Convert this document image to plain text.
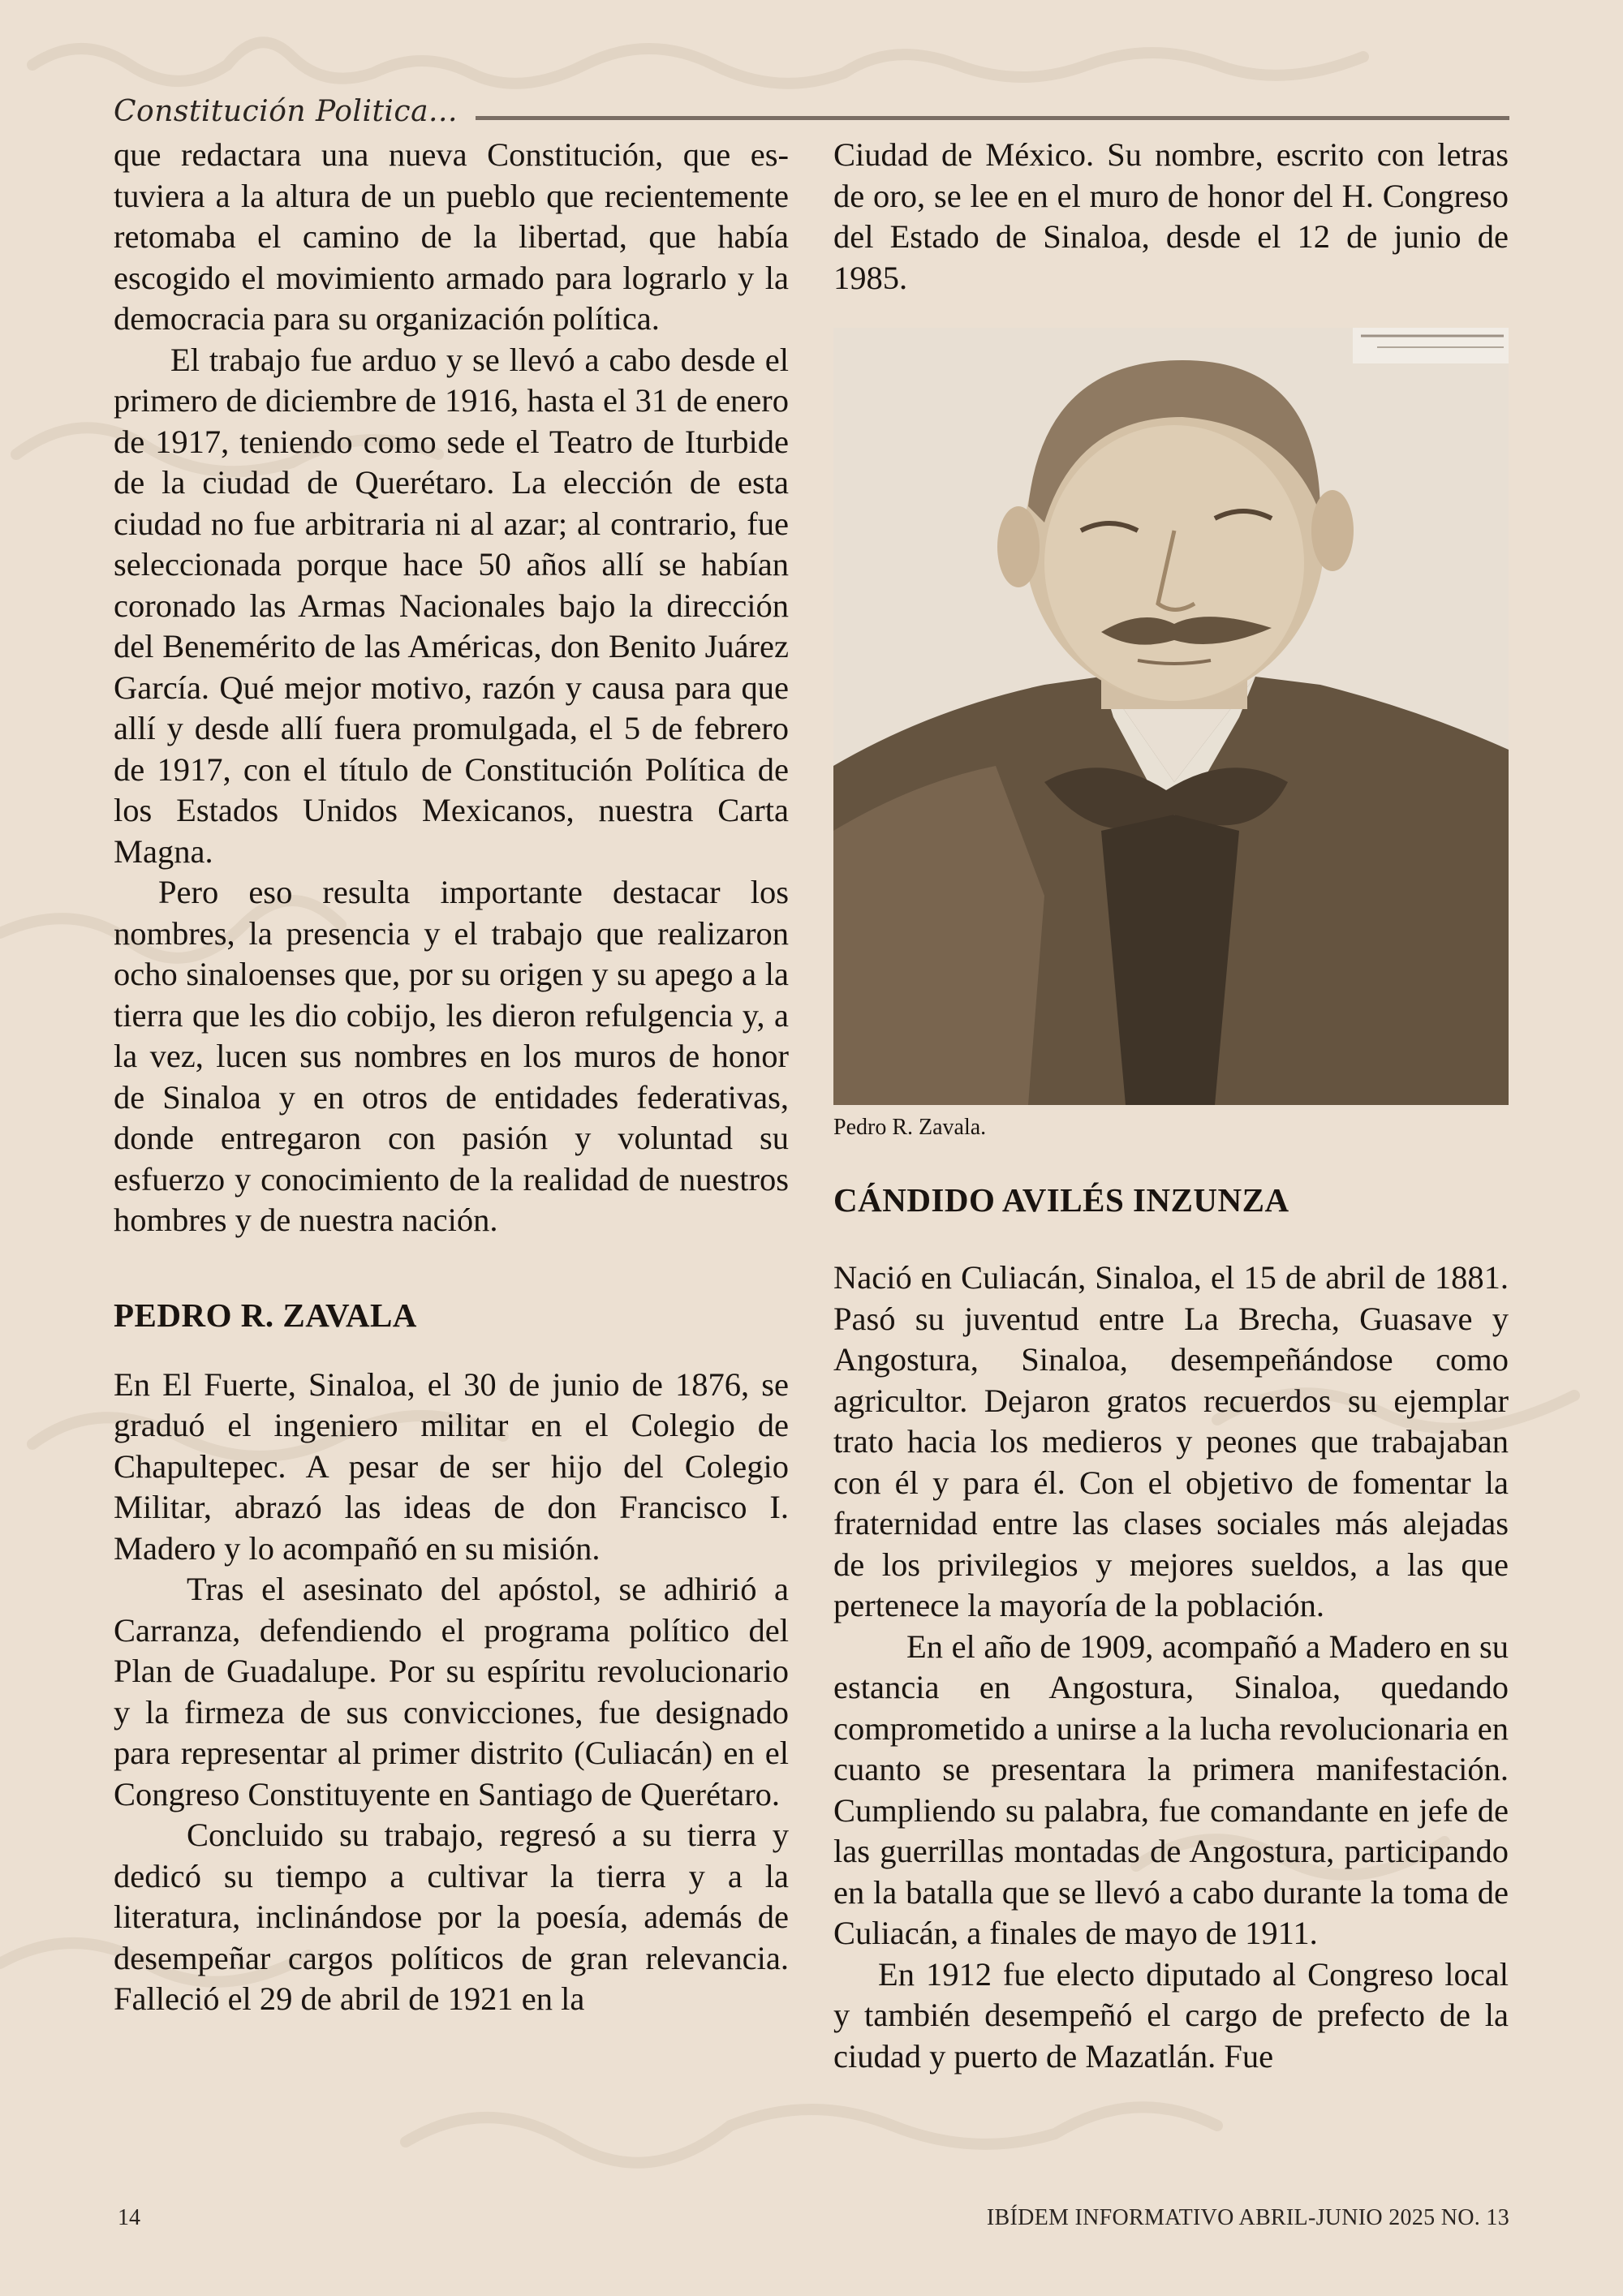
Constitución Politica...

que redactara una nueva Constitución, que estuviera a la altura de un pueblo que recientemente retomaba el camino de la libertad, que había escogido el movimiento armado para lograrlo y la democracia para su organización política.

El trabajo fue arduo y se llevó a cabo desde el primero de diciembre de 1916, hasta el 31 de enero de 1917, teniendo como sede el Teatro de Iturbide de la ciudad de Querétaro. La elección de esta ciudad no fue arbitraria ni al azar; al contrario, fue seleccionada porque hace 50 años allí se habían coronado las Armas Nacionales bajo la dirección del Benemérito de las Américas, don Benito Juárez García. Qué mejor motivo, razón y causa para que allí y desde allí fuera promulgada, el 5 de febrero de 1917, con el título de Constitución Política de los Estados Unidos Mexicanos, nuestra Carta Magna.

Pero eso resulta importante destacar los nombres, la presencia y el trabajo que realizaron ocho sinaloenses que, por su origen y su apego a la tierra que les dio cobijo, les dieron refulgencia y, a la vez, lucen sus nombres en los muros de honor de Sinaloa y en otros de entidades federativas, donde entregaron con pasión y voluntad su esfuerzo y conocimiento de la realidad de nuestros hombres y de nuestra nación.

PEDRO R. ZAVALA

En El Fuerte, Sinaloa, el 30 de junio de 1876, se graduó el ingeniero militar en el Colegio de Chapultepec. A pesar de ser hijo del Colegio Militar, abrazó las ideas de don Francisco I. Madero y lo acompañó en su misión.

Tras el asesinato del apóstol, se adhirió a Carranza, defendiendo el programa político del Plan de Guadalupe. Por su espíritu revolucionario y la firmeza de sus convicciones, fue designado para representar al primer distrito (Culiacán) en el Congreso Constituyente en Santiago de Querétaro.

Concluido su trabajo, regresó a su tierra y dedicó su tiempo a cultivar la tierra y a la literatura, inclinándose por la poesía, además de desempeñar cargos políticos de gran relevancia. Falleció el 29 de abril de 1921 en la

Ciudad de México. Su nombre, escrito con letras de oro, se lee en el muro de honor del H. Congreso del Estado de Sinaloa, desde el 12 de junio de 1985.

Pedro R. Zavala.
CÁNDIDO AVILÉS INZUNZA

Nació en Culiacán, Sinaloa, el 15 de abril de 1881. Pasó su juventud entre La Brecha, Guasave y Angostura, Sinaloa, desempeñándose como agricultor. Dejaron gratos recuerdos su ejemplar trato hacia los medieros y peones que trabajaban con él y para él. Con el objetivo de fomentar la fraternidad entre las clases sociales más alejadas de los privilegios y mejores sueldos, a las que pertenece la mayoría de la población.

En el año de 1909, acompañó a Madero en su estancia en Angostura, Sinaloa, quedando comprometido a unirse a la lucha revolucionaria en cuanto se presentara la primera manifestación. Cumpliendo su palabra, fue comandante en jefe de las guerrillas montadas de Angostura, participando en la batalla que se llevó a cabo durante la toma de Culiacán, a finales de mayo de 1911.

En 1912 fue electo diputado al Congreso local y también desempeñó el cargo de prefecto de la ciudad y puerto de Mazatlán. Fue

14	IBÍDEM INFORMATIVO ABRIL-JUNIO 2025 NO. 13
